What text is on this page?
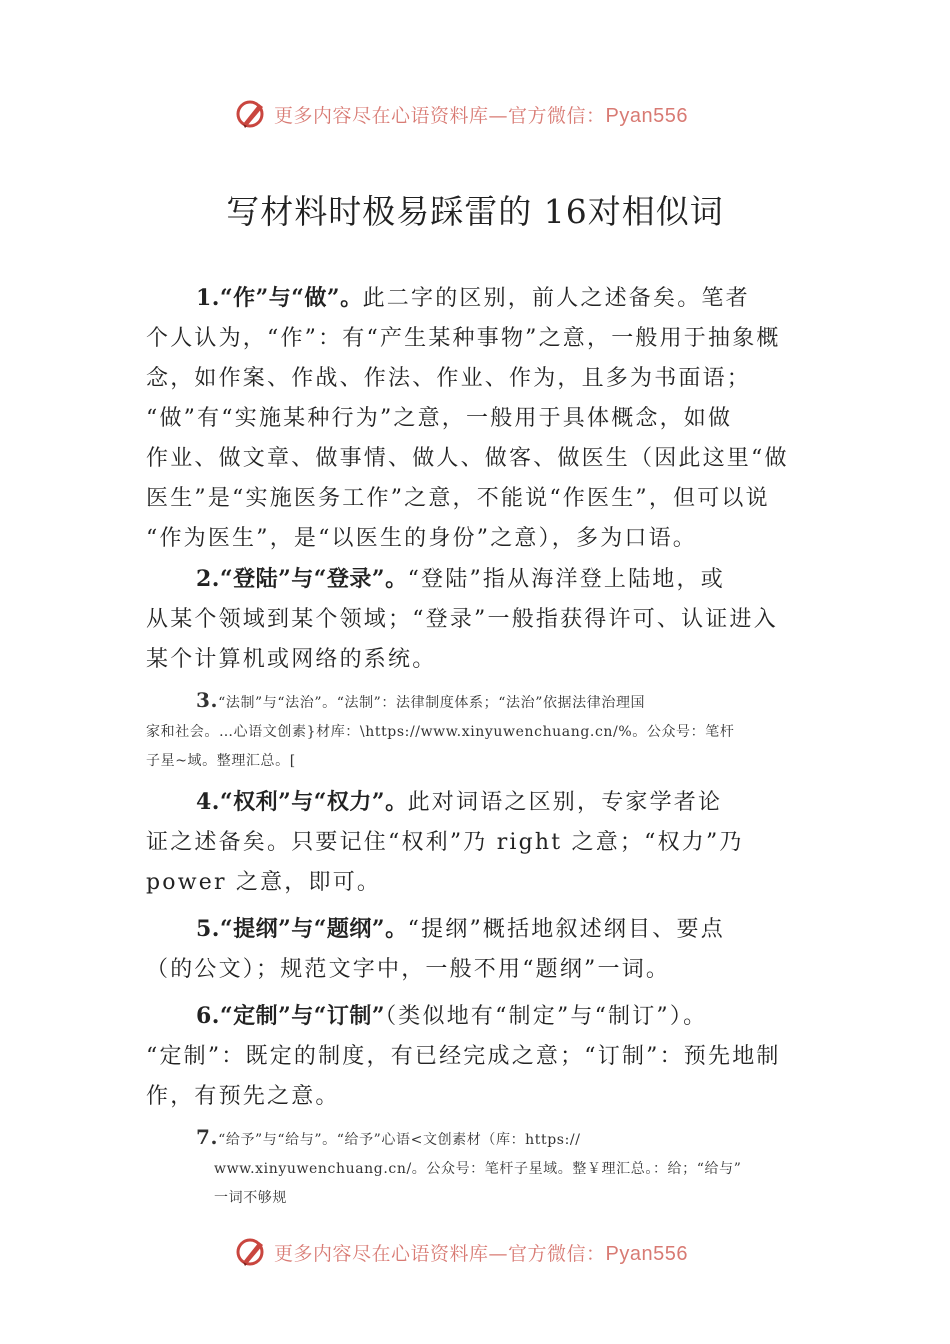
更多内容尽在心语资料库—官方微信：Pyan556
写材料时极易踩雷的 16对相似词

1.“作”与“做”。此二字的区别，前人之述备矣。笔者

个人认为，“作”：有“产生某种事物”之意，一般用于抽象概

念，如作案、作战、作法、作业、作为，且多为书面语；

“做”有“实施某种行为”之意，一般用于具体概念，如做

作业、做文章、做事情、做人、做客、做医生（因此这里“做

医生”是“实施医务工作”之意，不能说“作医生”，但可以说

“作为医生”，是“以医生的身份”之意），多为口语。

2.“登陆”与“登录”。“登陆”指从海洋登上陆地，或

从某个领域到某个领域；“登录”一般指获得许可、认证进入

某个计算机或网络的系统。

3.“法制”与“法治”。“法制”：法律制度体系；“法治”依据法律治理国

家和社会。…心语文创素}材库：\https://www.xinyuwenchuang.cn/%。公众号：笔杆

子星~域。整理汇总。[

4.“权利”与“权力”。此对词语之区别，专家学者论

证之述备矣。只要记住“权利”乃 right 之意；“权力”乃

power 之意，即可。

5.“提纲”与“题纲”。“提纲”概括地叙述纲目、要点

（的公文）；规范文字中，一般不用“题纲”一词。

6.“定制”与“订制”（类似地有“制定”与“制订”）。

“定制”：既定的制度，有已经完成之意；“订制”：预先地制

作，有预先之意。

7.“给予”与“给与”。“给予”心语<文创素材（库：https://

www.xinyuwenchuang.cn/。公众号：笔杆子星域。整￥理汇总。：给；“给与”

一词不够规

更多内容尽在心语资料库—官方微信：Pyan556
